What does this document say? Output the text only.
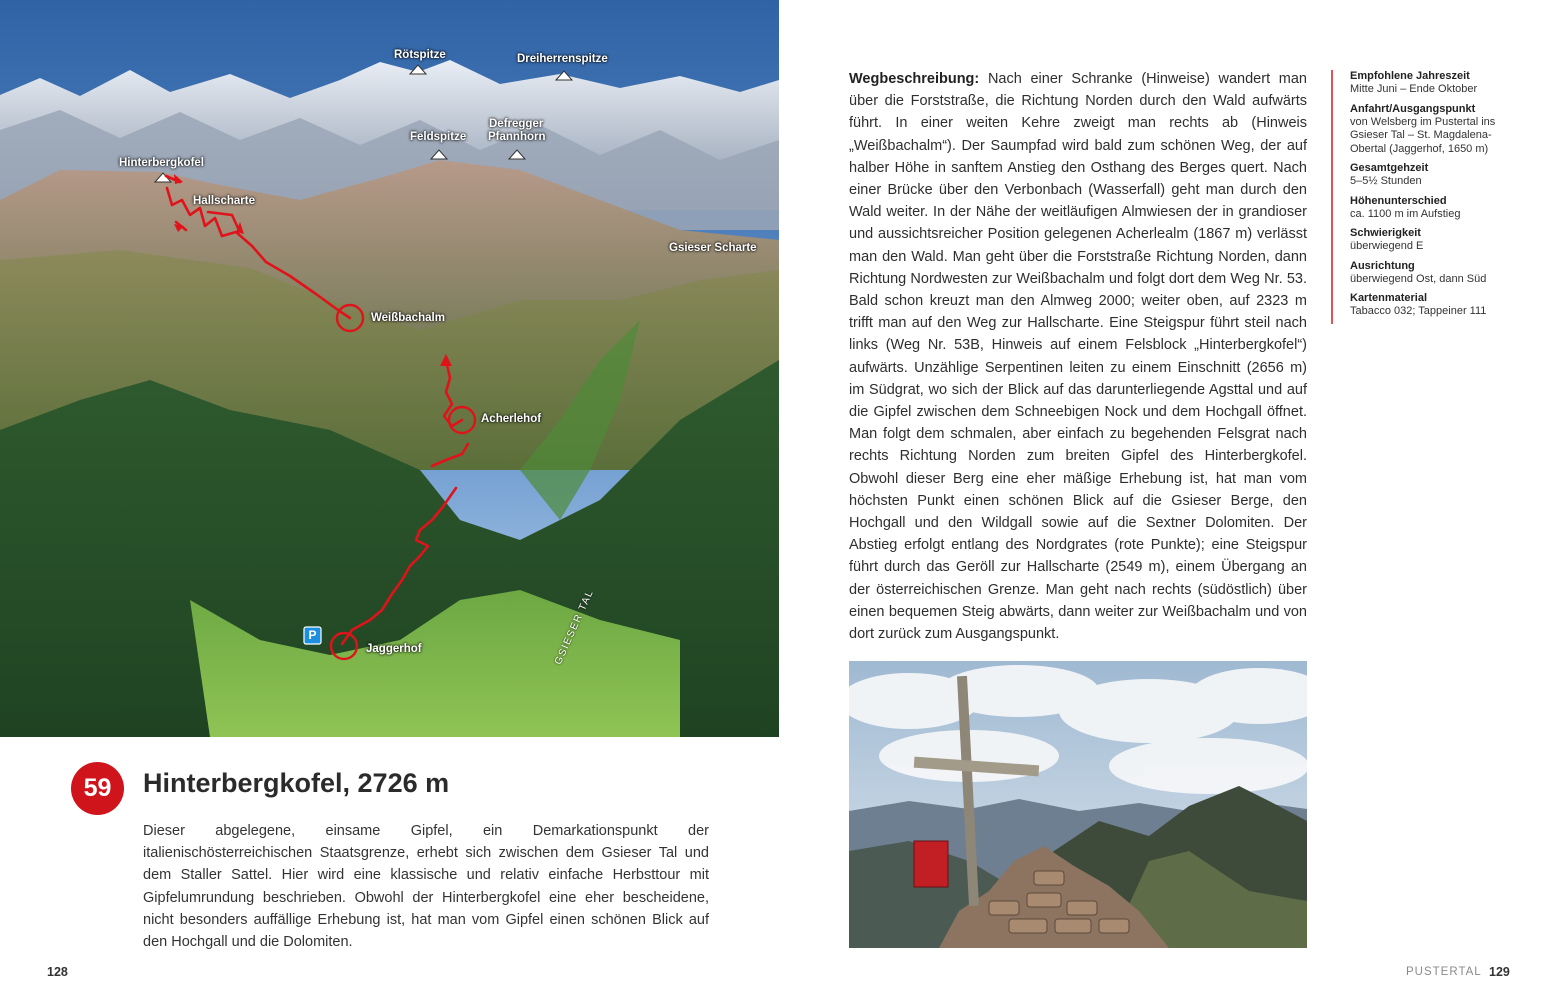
Rötspitze	Dreiherrenspitze
Feldspitze
Defregger
Pfannhorn
Hinterbergkofel
Hallscharte
Gsieser Scharte
Weißbachalm
Acherlehof
Jaggerhof	GSIESER TAL
P
59	Hinterbergkofel, 2726 m
Dieser abgelegene, einsame Gipfel, ein Demarkationspunkt der italienischösterreichischen Staatsgrenze, erhebt sich zwischen dem Gsieser Tal und dem Staller Sattel. Hier wird eine klassische und relativ einfache Herbsttour mit Gipfelumrundung beschrieben. Obwohl der Hinterbergkofel eine eher bescheidene, nicht besonders auffällige Erhebung ist, hat man vom Gipfel einen schönen Blick auf den Hochgall und die Dolomiten.
128
Wegbeschreibung: Nach einer Schranke (Hinweise) wandert man über die Forststraße, die Richtung Norden durch den Wald aufwärts führt. In einer weiten Kehre zweigt man rechts ab (Hinweis „Weißbachalm“). Der Saumpfad wird bald zum schönen Weg, der auf halber Höhe in sanftem Anstieg den Osthang des Berges quert. Nach einer Brücke über den Verbonbach (Wasserfall) geht man durch den Wald weiter. In der Nähe der weitläufigen Almwiesen der in grandioser und aussichtsreicher Position gelegenen Acherlealm (1867 m) verlässt man den Wald. Man geht über die Forststraße Richtung Norden, dann Richtung Nordwesten zur Weißbachalm und folgt dort dem Weg Nr. 53. Bald schon kreuzt man den Almweg 2000; weiter oben, auf 2323 m trifft man auf den Weg zur Hallscharte. Eine Steigspur führt steil nach links (Weg Nr. 53B, Hinweis auf einem Felsblock „Hinterbergkofel“) aufwärts. Unzählige Serpentinen leiten zu einem Einschnitt (2656 m) im Südgrat, wo sich der Blick auf das darunterliegende Agsttal und auf die Gipfel zwischen dem Schneebigen Nock und dem Hochgall öffnet. Man folgt dem schmalen, aber einfach zu begehenden Felsgrat nach rechts Richtung Norden zum breiten Gipfel des Hinterbergkofel. Obwohl dieser Berg eine eher mäßige Erhebung ist, hat man vom höchsten Punkt einen schönen Blick auf die Gsieser Berge, den Hochgall und den Wildgall sowie auf die Sextner Dolomiten. Der Abstieg erfolgt entlang des Nordgrates (rote Punkte); eine Steigspur führt durch das Geröll zur Hallscharte (2549 m), einem Übergang an der österreichischen Grenze. Man geht nach rechts (südöstlich) über einen bequemen Steig abwärts, dann weiter zur Weißbachalm und von dort zurück zum Ausgangspunkt.
Empfohlene Jahreszeit
Mitte Juni – Ende Oktober
Anfahrt/Ausgangspunkt
von Welsberg im Pustertal ins Gsieser Tal – St. Magdalena-Obertal (Jaggerhof, 1650 m)
Gesamtgehzeit
5–5½ Stunden
Höhenunterschied
ca. 1100 m im Aufstieg
Schwierigkeit
überwiegend E
Ausrichtung
überwiegend Ost, dann Süd
Kartenmaterial
Tabacco 032; Tappeiner 111
PUSTERTAL 129
